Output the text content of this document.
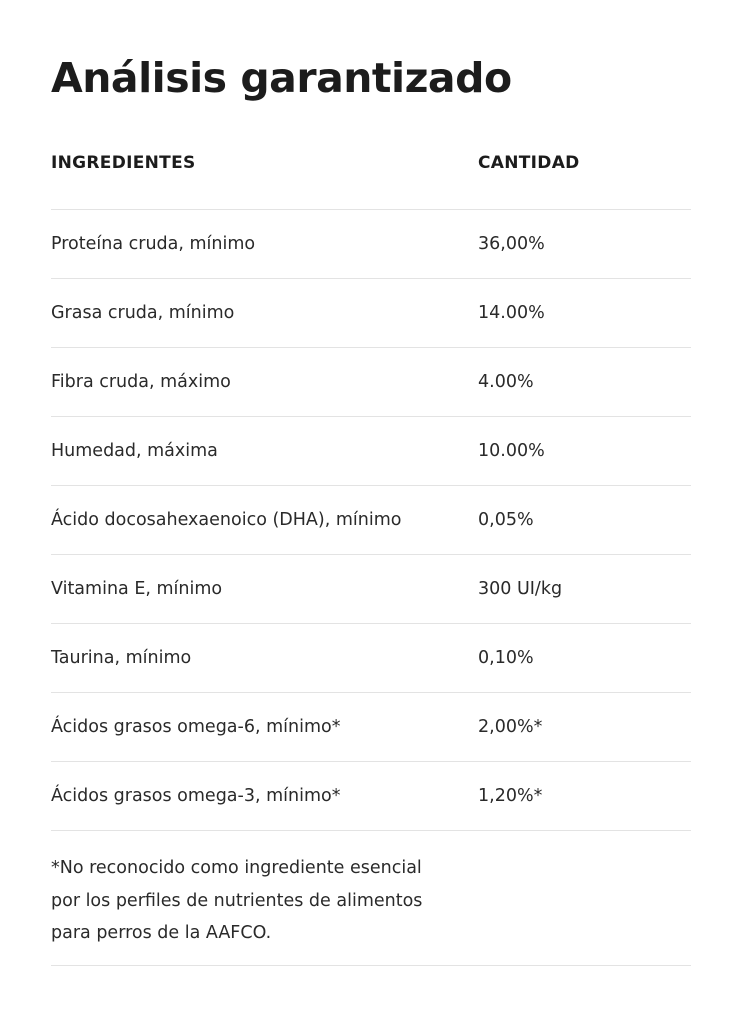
Análisis garantizado
INGREDIENTES	CANTIDAD
Proteína cruda, mínimo	36,00%
Grasa cruda, mínimo	14.00%
Fibra cruda, máximo	4.00%
Humedad, máxima	10.00%
Ácido docosahexaenoico (DHA), mínimo	0,05%
Vitamina E, mínimo	300 UI/kg
Taurina, mínimo	0,10%
Ácidos grasos omega-6, mínimo*	2,00%*
Ácidos grasos omega-3, mínimo*	1,20%*

*No reconocido como ingrediente esencial
por los perfiles de nutrientes de alimentos
para perros de la AAFCO.
